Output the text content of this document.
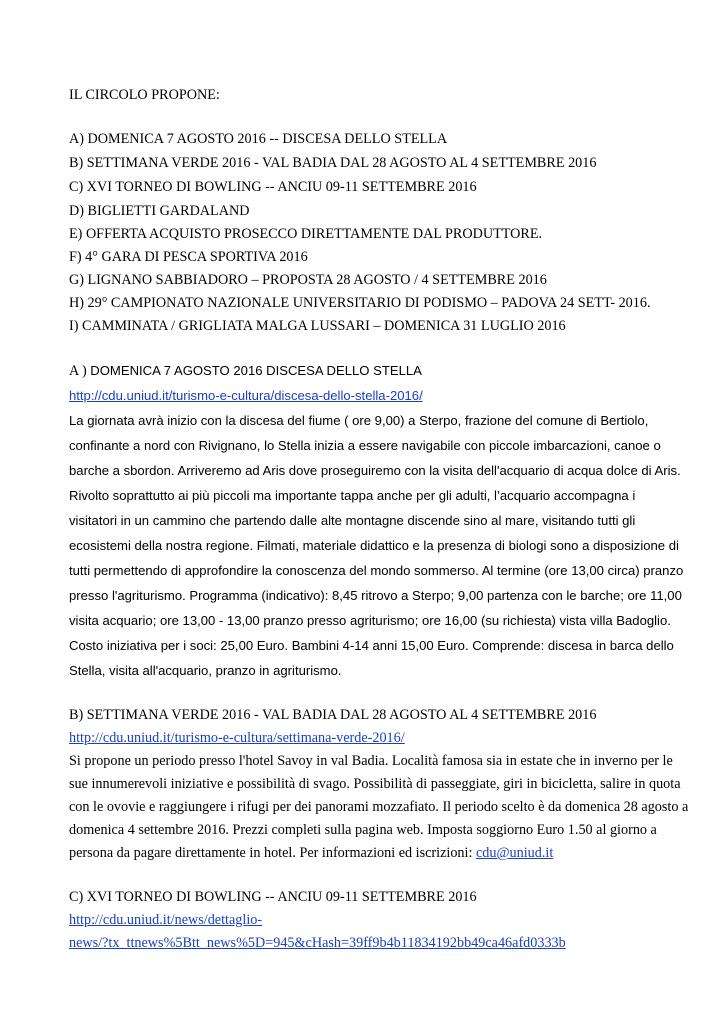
IL CIRCOLO PROPONE:
A) DOMENICA 7 AGOSTO 2016 -- DISCESA DELLO STELLA
B) SETTIMANA VERDE 2016 - VAL BADIA DAL 28 AGOSTO AL 4 SETTEMBRE 2016
C) XVI TORNEO DI BOWLING -- ANCIU 09-11 SETTEMBRE 2016
D) BIGLIETTI GARDALAND
E) OFFERTA ACQUISTO PROSECCO DIRETTAMENTE DAL PRODUTTORE.
F) 4° GARA DI PESCA SPORTIVA 2016
G) LIGNANO SABBIADORO – PROPOSTA 28 AGOSTO / 4 SETTEMBRE 2016
H) 29° CAMPIONATO NAZIONALE UNIVERSITARIO DI PODISMO – PADOVA 24 SETT- 2016.
I) CAMMINATA / GRIGLIATA MALGA LUSSARI – DOMENICA 31 LUGLIO 2016
A ) DOMENICA 7 AGOSTO 2016 DISCESA DELLO STELLA
http://cdu.uniud.it/turismo-e-cultura/discesa-dello-stella-2016/
La giornata avrà inizio con la discesa del fiume ( ore 9,00) a Sterpo, frazione del comune di Bertiolo,
confinante a nord con Rivignano, lo Stella inizia a essere navigabile con piccole imbarcazioni, canoe o
barche a sbordon. Arriveremo ad Aris dove proseguiremo con la visita dell'acquario di acqua dolce di Aris.
Rivolto soprattutto ai più piccoli ma importante tappa anche per gli adulti, l’acquario accompagna i
visitatori in un cammino che partendo dalle alte montagne discende sino al mare, visitando tutti gli
ecosistemi della nostra regione. Filmati, materiale didattico e la presenza di biologi sono a disposizione di
tutti permettendo di approfondire la conoscenza del mondo sommerso. Al termine (ore 13,00 circa) pranzo
presso l'agriturismo. Programma (indicativo): 8,45 ritrovo a Sterpo; 9,00 partenza con le barche; ore 11,00
visita acquario; ore 13,00 - 13,00 pranzo presso agriturismo; ore 16,00 (su richiesta) vista villa Badoglio.
Costo iniziativa per i soci: 25,00 Euro. Bambini 4-14 anni 15,00 Euro. Comprende: discesa in barca dello
Stella, visita all'acquario, pranzo in agriturismo.
B) SETTIMANA VERDE 2016 - VAL BADIA DAL 28 AGOSTO AL 4 SETTEMBRE 2016
http://cdu.uniud.it/turismo-e-cultura/settimana-verde-2016/
Si propone un periodo presso l'hotel Savoy in val Badia. Località famosa sia in estate che in inverno per le
sue innumerevoli iniziative e possibilità di svago. Possibilità di passeggiate, giri in bicicletta, salire in quota
con le ovovie e raggiungere i rifugi per dei panorami mozzafiato. Il periodo scelto è da domenica 28 agosto a
domenica 4 settembre 2016. Prezzi completi sulla pagina web. Imposta soggiorno Euro 1.50 al giorno a
persona da pagare direttamente in hotel. Per informazioni ed iscrizioni: cdu@uniud.it
C) XVI TORNEO DI BOWLING -- ANCIU 09-11 SETTEMBRE 2016
http://cdu.uniud.it/news/dettaglio-
news/?tx_ttnews%5Btt_news%5D=945&cHash=39ff9b4b11834192bb49ca46afd0333b
